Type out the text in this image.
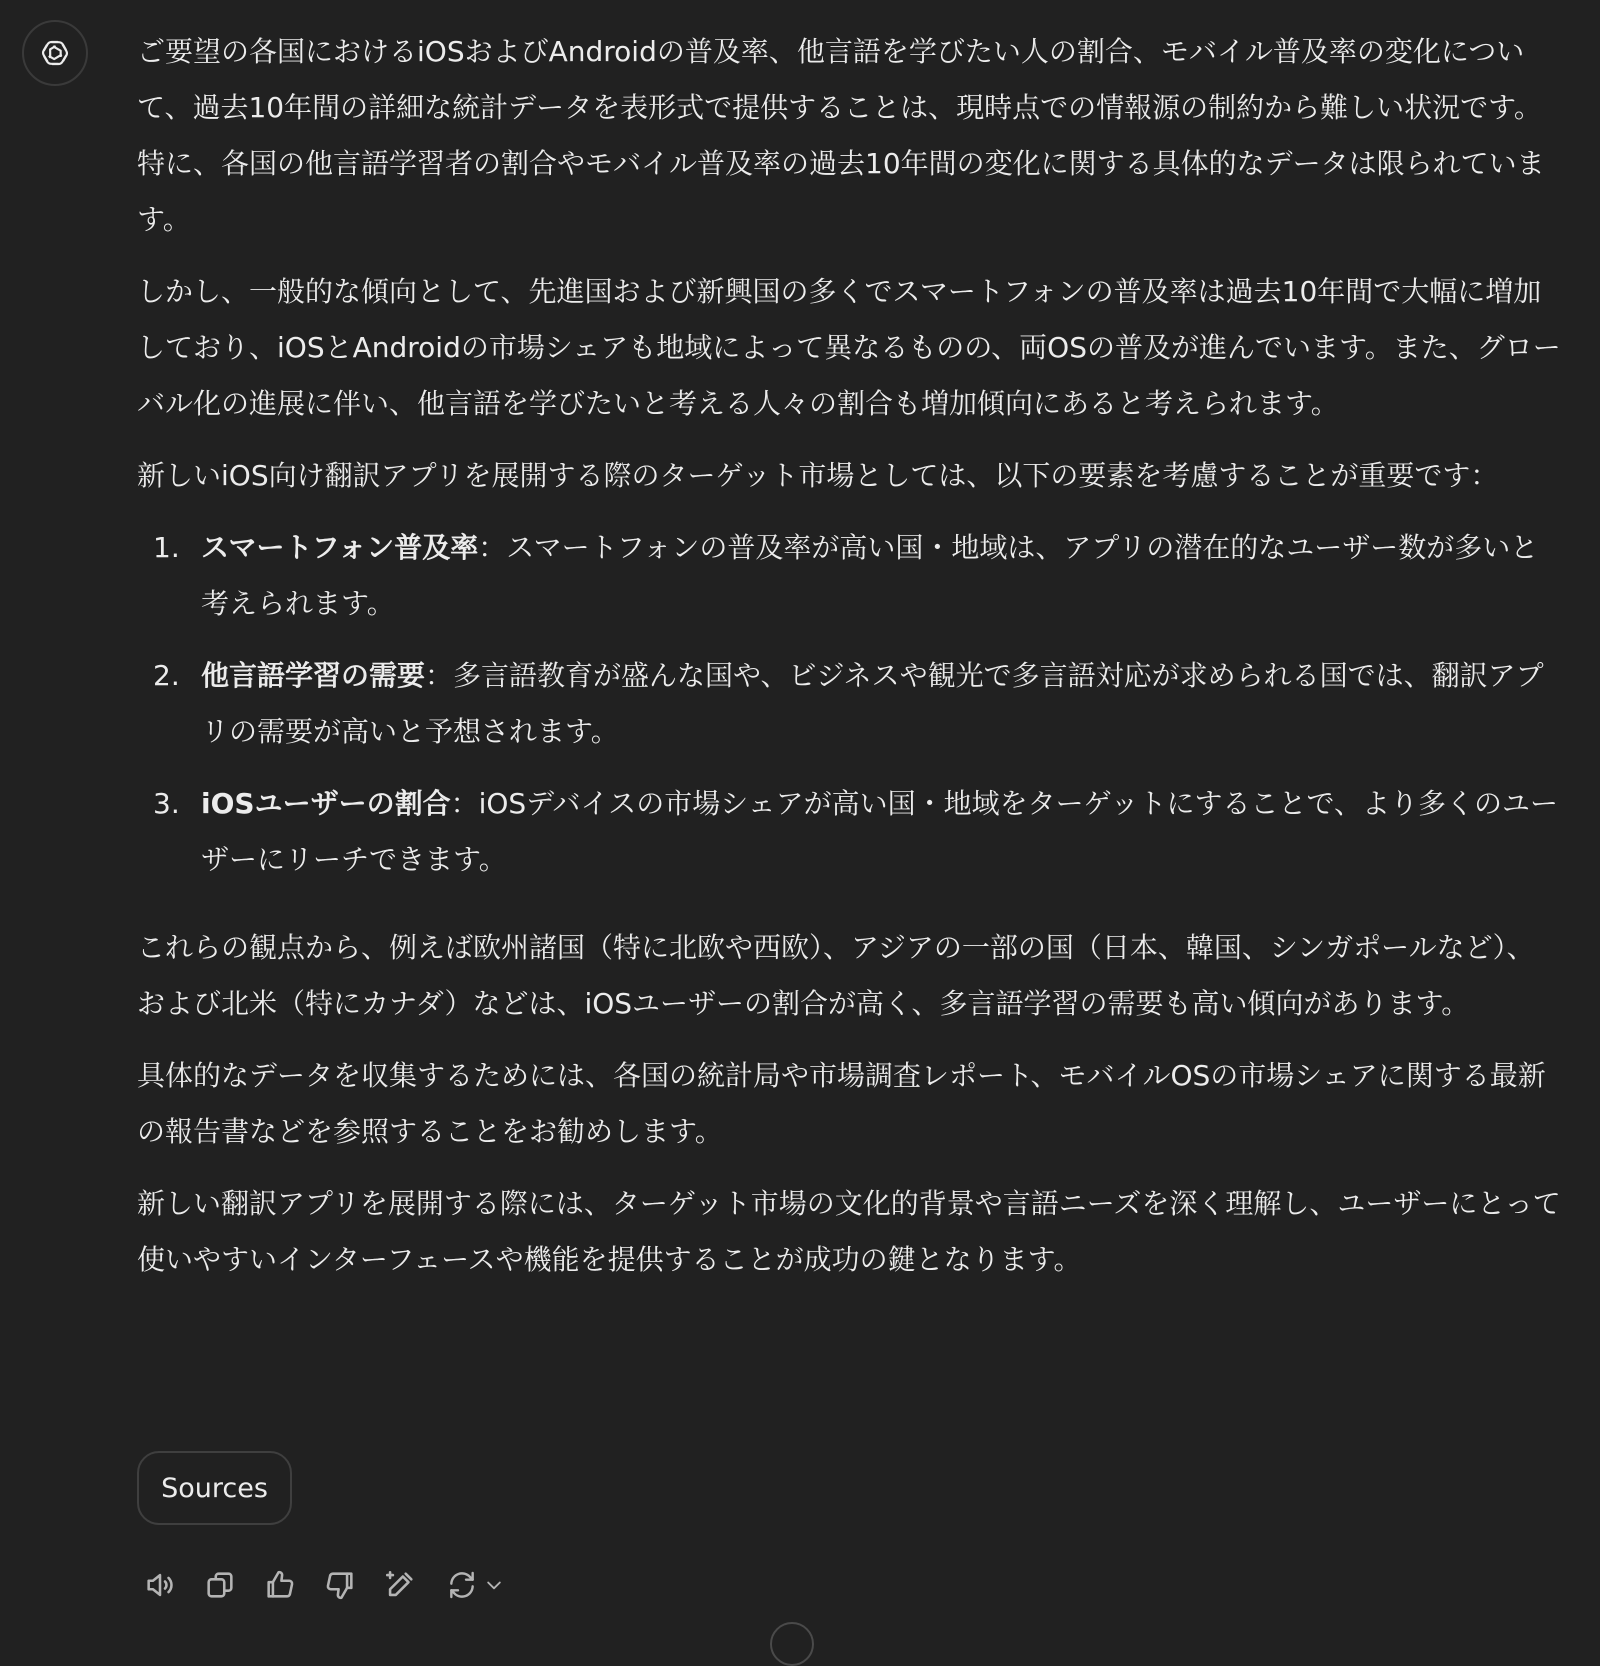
ご要望の各国におけるiOSおよびAndroidの普及率、他言語を学びたい人の割合、モバイル普及率の変化について、過去10年間の詳細な統計データを表形式で提供することは、現時点での情報源の制約から難しい状況です。特に、各国の他言語学習者の割合やモバイル普及率の過去10年間の変化に関する具体的なデータは限られています。

しかし、一般的な傾向として、先進国および新興国の多くでスマートフォンの普及率は過去10年間で大幅に増加しており、iOSとAndroidの市場シェアも地域によって異なるものの、両OSの普及が進んでいます。また、グローバル化の進展に伴い、他言語を学びたいと考える人々の割合も増加傾向にあると考えられます。

新しいiOS向け翻訳アプリを展開する際のターゲット市場としては、以下の要素を考慮することが重要です：

1. スマートフォン普及率：スマートフォンの普及率が高い国・地域は、アプリの潜在的なユーザー数が多いと考えられます。
2. 他言語学習の需要：多言語教育が盛んな国や、ビジネスや観光で多言語対応が求められる国では、翻訳アプリの需要が高いと予想されます。
3. iOSユーザーの割合：iOSデバイスの市場シェアが高い国・地域をターゲットにすることで、より多くのユーザーにリーチできます。

これらの観点から、例えば欧州諸国（特に北欧や西欧）、アジアの一部の国（日本、韓国、シンガポールなど）、および北米（特にカナダ）などは、iOSユーザーの割合が高く、多言語学習の需要も高い傾向があります。

具体的なデータを収集するためには、各国の統計局や市場調査レポート、モバイルOSの市場シェアに関する最新の報告書などを参照することをお勧めします。

新しい翻訳アプリを展開する際には、ターゲット市場の文化的背景や言語ニーズを深く理解し、ユーザーにとって使いやすいインターフェースや機能を提供することが成功の鍵となります。

Sources
